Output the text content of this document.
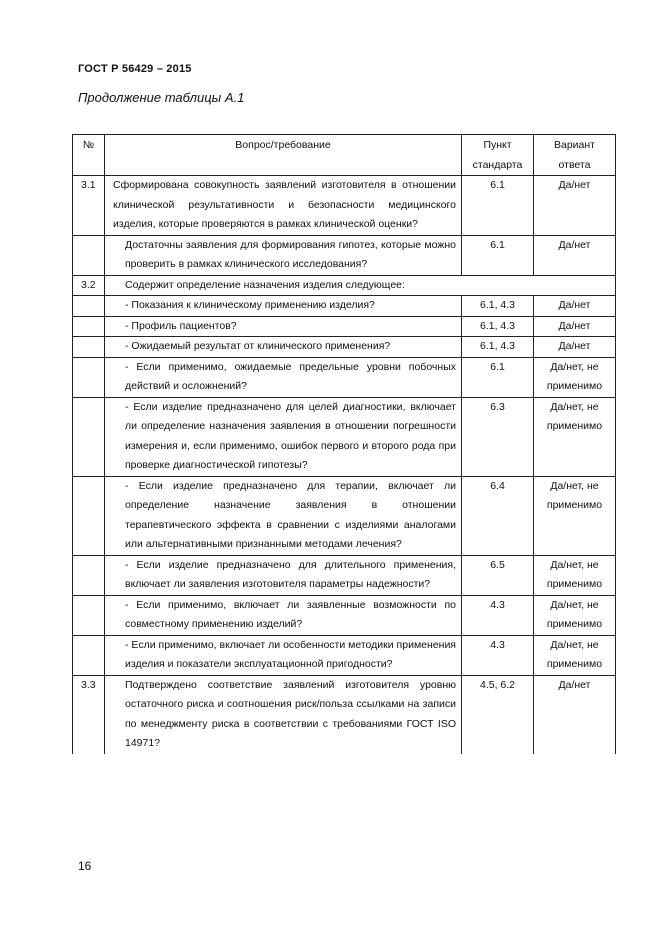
ГОСТ Р 56429 – 2015
Продолжение таблицы А.1
№	Вопрос/требование	Пункт стандарта	Вариант ответа
3.1	Сформирована совокупность заявлений изготовителя в отношении клинической результативности и безопасности медицинского изделия, которые проверяются в рамках клинической оценки?	6.1	Да/нет
	Достаточны заявления для формирования гипотез, которые можно проверить в рамках клинического исследования?	6.1	Да/нет
3.2	Содержит определение назначения изделия следующее:		
	- Показания к клиническому применению изделия?	6.1, 4.3	Да/нет
	- Профиль пациентов?	6.1, 4.3	Да/нет
	- Ожидаемый результат от клинического применения?	6.1, 4.3	Да/нет
	- Если применимо, ожидаемые предельные уровни побочных действий и осложнений?	6.1	Да/нет, не применимо
	- Если изделие предназначено для целей диагностики, включает ли определение назначения заявления в отношении погрешности измерения и, если применимо, ошибок первого и второго рода при проверке диагностической гипотезы?	6.3	Да/нет, не применимо
	- Если изделие предназначено для терапии, включает ли определение назначение заявления в отношении терапевтического эффекта в сравнении с изделиями аналогами или альтернативными признанными методами лечения?	6.4	Да/нет, не применимо
	- Если изделие предназначено для длительного применения, включает ли заявления изготовителя параметры надежности?	6.5	Да/нет, не применимо
	- Если применимо, включает ли заявленные возможности по совместному применению изделий?	4.3	Да/нет, не применимо
	- Если применимо, включает ли особенности методики применения изделия и показатели эксплуатационной пригодности?	4.3	Да/нет, не применимо
3.3	Подтверждено соответствие заявлений изготовителя уровню остаточного риска и соотношения риск/польза ссылками на записи по менеджменту риска в соответствии с требованиями ГОСТ ISO 14971?	4.5, 6.2	Да/нет
16
